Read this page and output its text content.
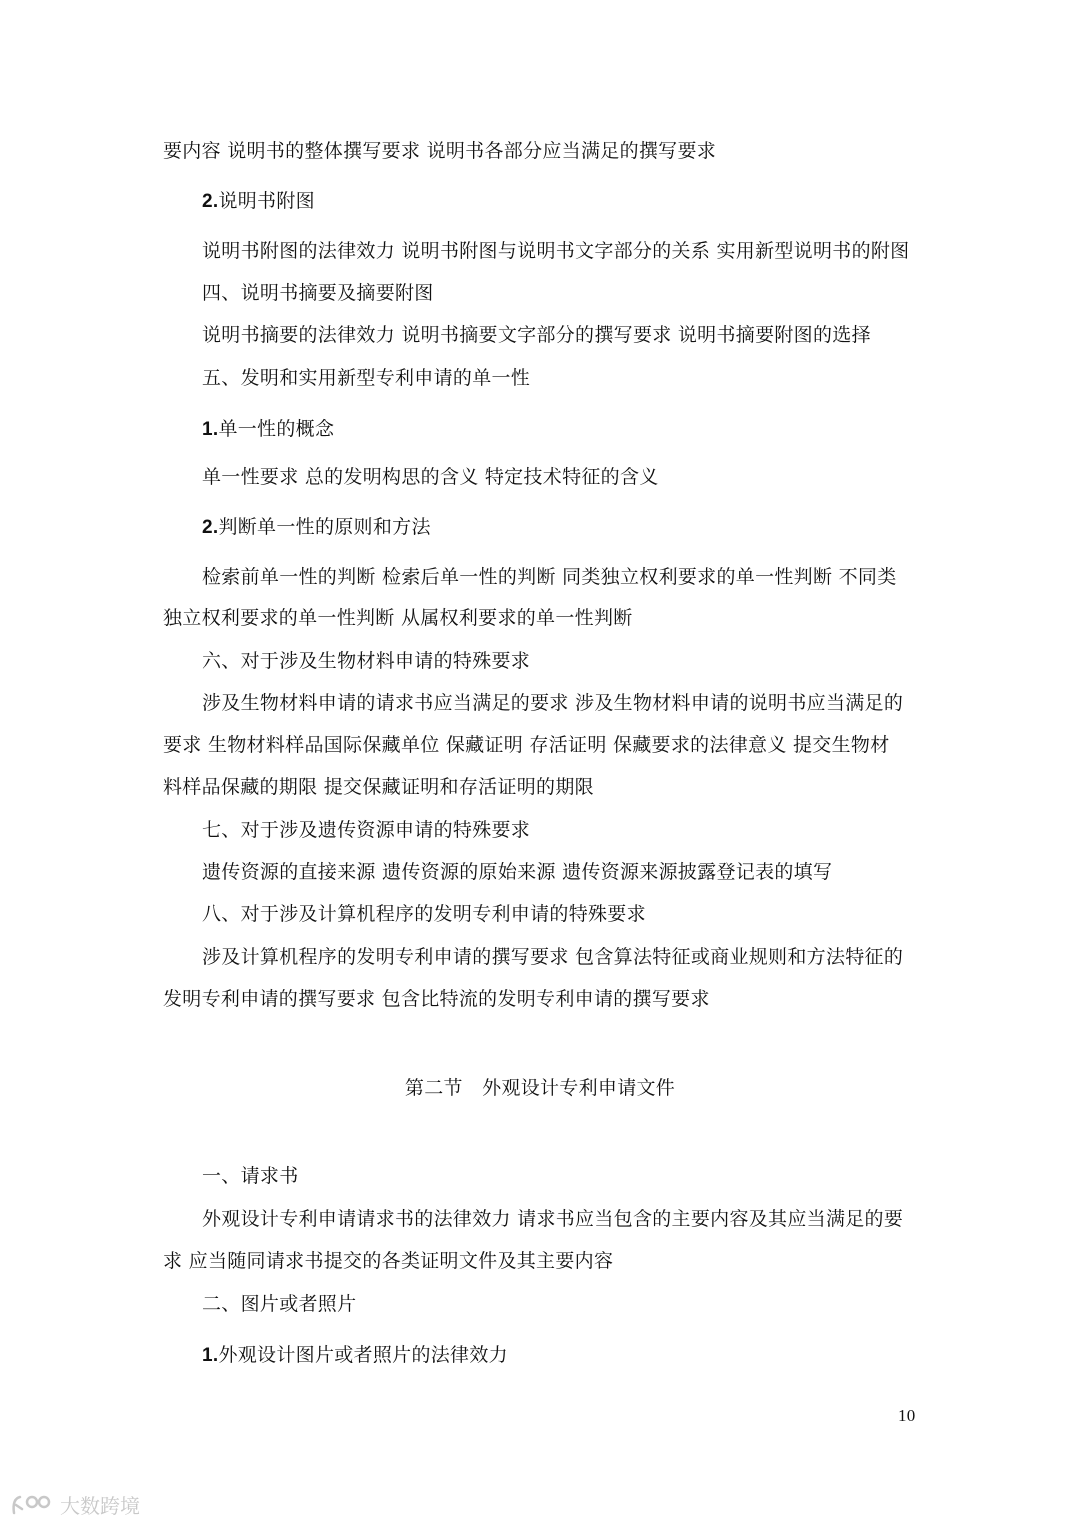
要内容 说明书的整体撰写要求 说明书各部分应当满足的撰写要求
2.说明书附图
说明书附图的法律效力 说明书附图与说明书文字部分的关系 实用新型说明书的附图
四、说明书摘要及摘要附图
说明书摘要的法律效力 说明书摘要文字部分的撰写要求 说明书摘要附图的选择
五、发明和实用新型专利申请的单一性
1.单一性的概念
单一性要求 总的发明构思的含义 特定技术特征的含义
2.判断单一性的原则和方法
检索前单一性的判断 检索后单一性的判断 同类独立权利要求的单一性判断 不同类
独立权利要求的单一性判断 从属权利要求的单一性判断
六、对于涉及生物材料申请的特殊要求
涉及生物材料申请的请求书应当满足的要求 涉及生物材料申请的说明书应当满足的
要求 生物材料样品国际保藏单位 保藏证明 存活证明 保藏要求的法律意义 提交生物材
料样品保藏的期限 提交保藏证明和存活证明的期限
七、对于涉及遗传资源申请的特殊要求
遗传资源的直接来源 遗传资源的原始来源 遗传资源来源披露登记表的填写
八、对于涉及计算机程序的发明专利申请的特殊要求
涉及计算机程序的发明专利申请的撰写要求 包含算法特征或商业规则和方法特征的
发明专利申请的撰写要求 包含比特流的发明专利申请的撰写要求
第二节　外观设计专利申请文件
一、请求书
外观设计专利申请请求书的法律效力 请求书应当包含的主要内容及其应当满足的要
求 应当随同请求书提交的各类证明文件及其主要内容
二、图片或者照片
1.外观设计图片或者照片的法律效力
10
大数跨境
